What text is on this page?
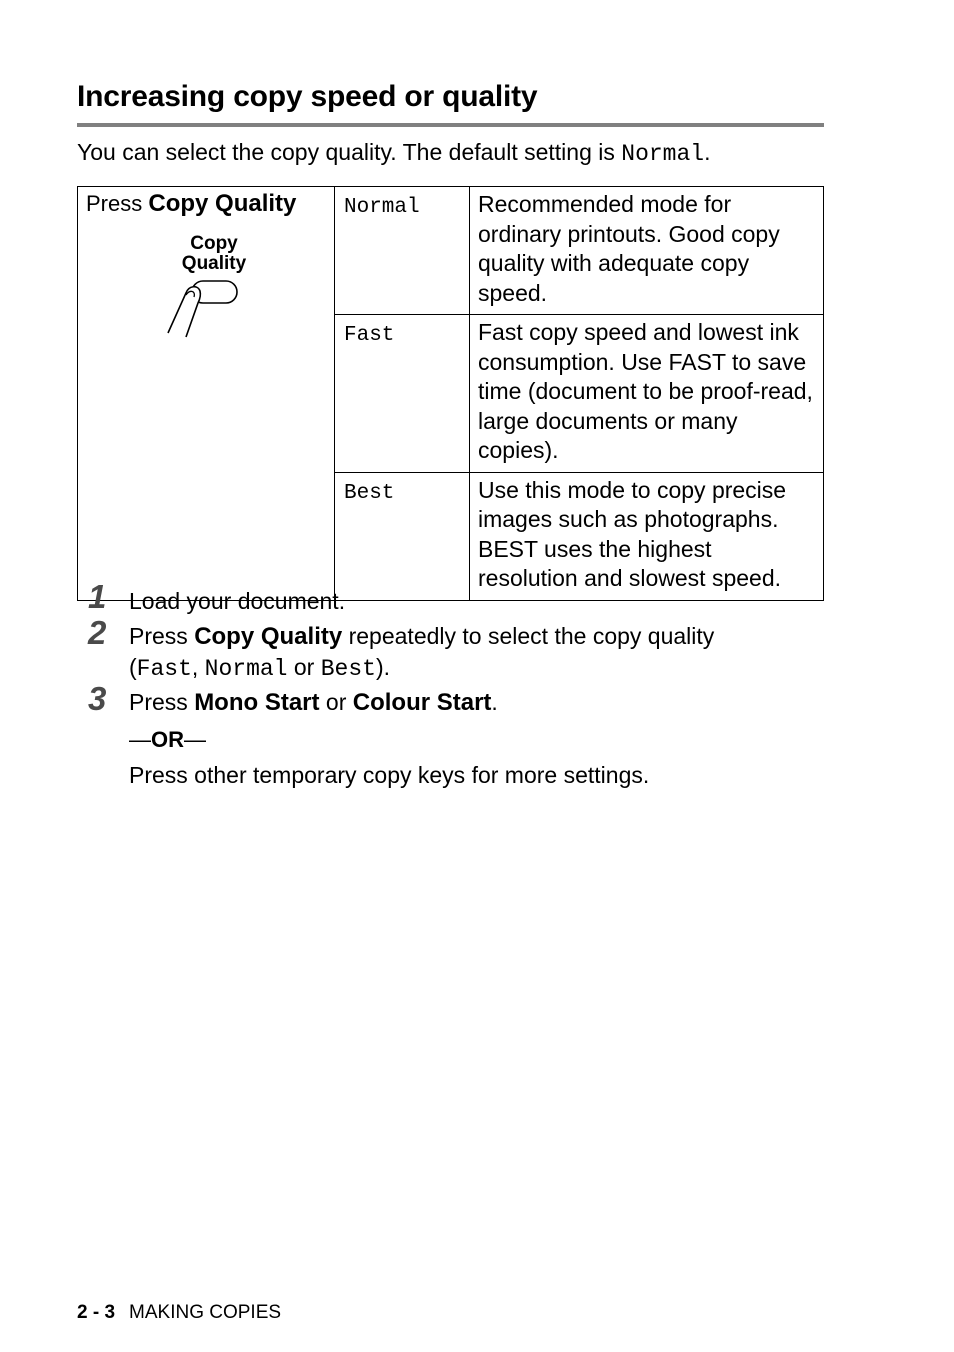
Increasing copy speed or quality

You can select the copy quality. The default setting is Normal.

Press Copy Quality
Copy
Quality	Normal	Recommended mode for ordinary printouts. Good copy quality with adequate copy speed.
	Fast	Fast copy speed and lowest ink consumption. Use FAST to save time (document to be proof-read, large documents or many copies).
	Best	Use this mode to copy precise images such as photographs. BEST uses the highest resolution and slowest speed.
1 Load your document.

2 Press Copy Quality repeatedly to select the copy quality
(Fast, Normal or Best).

3 Press Mono Start or Colour Start.

—OR—

Press other temporary copy keys for more settings.

2 - 3 MAKING COPIES
